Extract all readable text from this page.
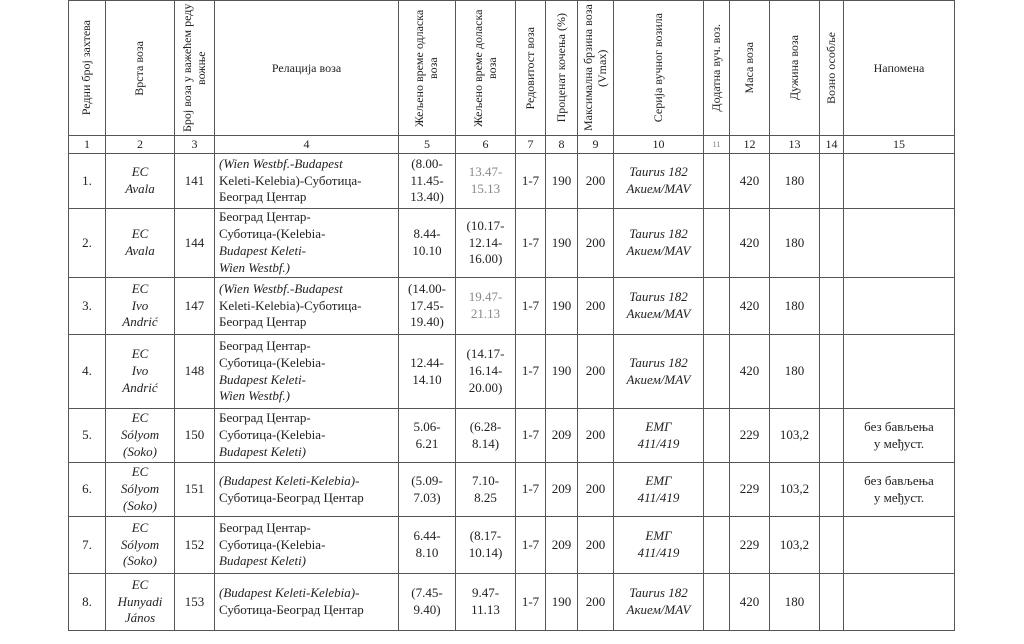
Редни број захтева	Врста воза	Број воза у важећем реду вожње	Релација воза	Жељено време одласка воза	Жељено време доласка воза	Редовитост воза	Проценат кочења (%)	Максимална брзина воза (Vmax)	Серија вучног возила	Додатна вуч. воз.	Маса воза	Дужина воза	Возно особље	Напомена
1	2	3	4	5	6	7	8	9	10	11	12	13	14	15
1.	EC
Avala	141	(Wien Westbf.-Budapest
Keleti-Kelebia)-Суботица-
Београд Центар	(8.00-
11.45-
13.40)	13.47-
15.13	1-7	190	200	Taurus 182
Акием/MAV		420	180		

2.	EC
Avala	144	Београд Центар-
Суботица-(Kelebia-
Budapest Keleti-
Wien Westbf.)	8.44-
10.10	(10.17-
12.14-
16.00)	1-7	190	200	Taurus 182
Акием/MAV		420	180		

3.	EC
Ivo
Andrić	147	(Wien Westbf.-Budapest
Keleti-Kelebia)-Суботица-
Београд Центар	(14.00-
17.45-
19.40)	19.47-
21.13	1-7	190	200	Taurus 182
Акием/MAV		420	180		

4.	EC
Ivo
Andrić	148	Београд Центар-
Суботица-(Kelebia-
Budapest Keleti-
Wien Westbf.)	12.44-
14.10	(14.17-
16.14-
20.00)	1-7	190	200	Taurus 182
Акием/MAV		420	180		

5.	EC
Sólyom
(Soko)	150	Београд Центар-
Суботица-(Kelebia-
Budapest Keleti)	5.06-
6.21	(6.28-
8.14)	1-7	209	200	ЕМГ
411/419		229	103,2		без бављења
у међуст.

6.	EC
Sólyom
(Soko)	151	(Budapest Keleti-Kelebia)-
Суботица-Београд Центар	(5.09-
7.03)	7.10-
8.25	1-7	209	200	ЕМГ
411/419		229	103,2		без бављења
у међуст.

7.	EC
Sólyom
(Soko)	152	Београд Центар-
Суботица-(Kelebia-
Budapest Keleti)	6.44-
8.10	(8.17-
10.14)	1-7	209	200	ЕМГ
411/419		229	103,2		

8.	EC
Hunyadi
János	153	(Budapest Keleti-Kelebia)-
Суботица-Београд Центар	(7.45-
9.40)	9.47-
11.13	1-7	190	200	Taurus 182
Акием/MAV		420	180		
